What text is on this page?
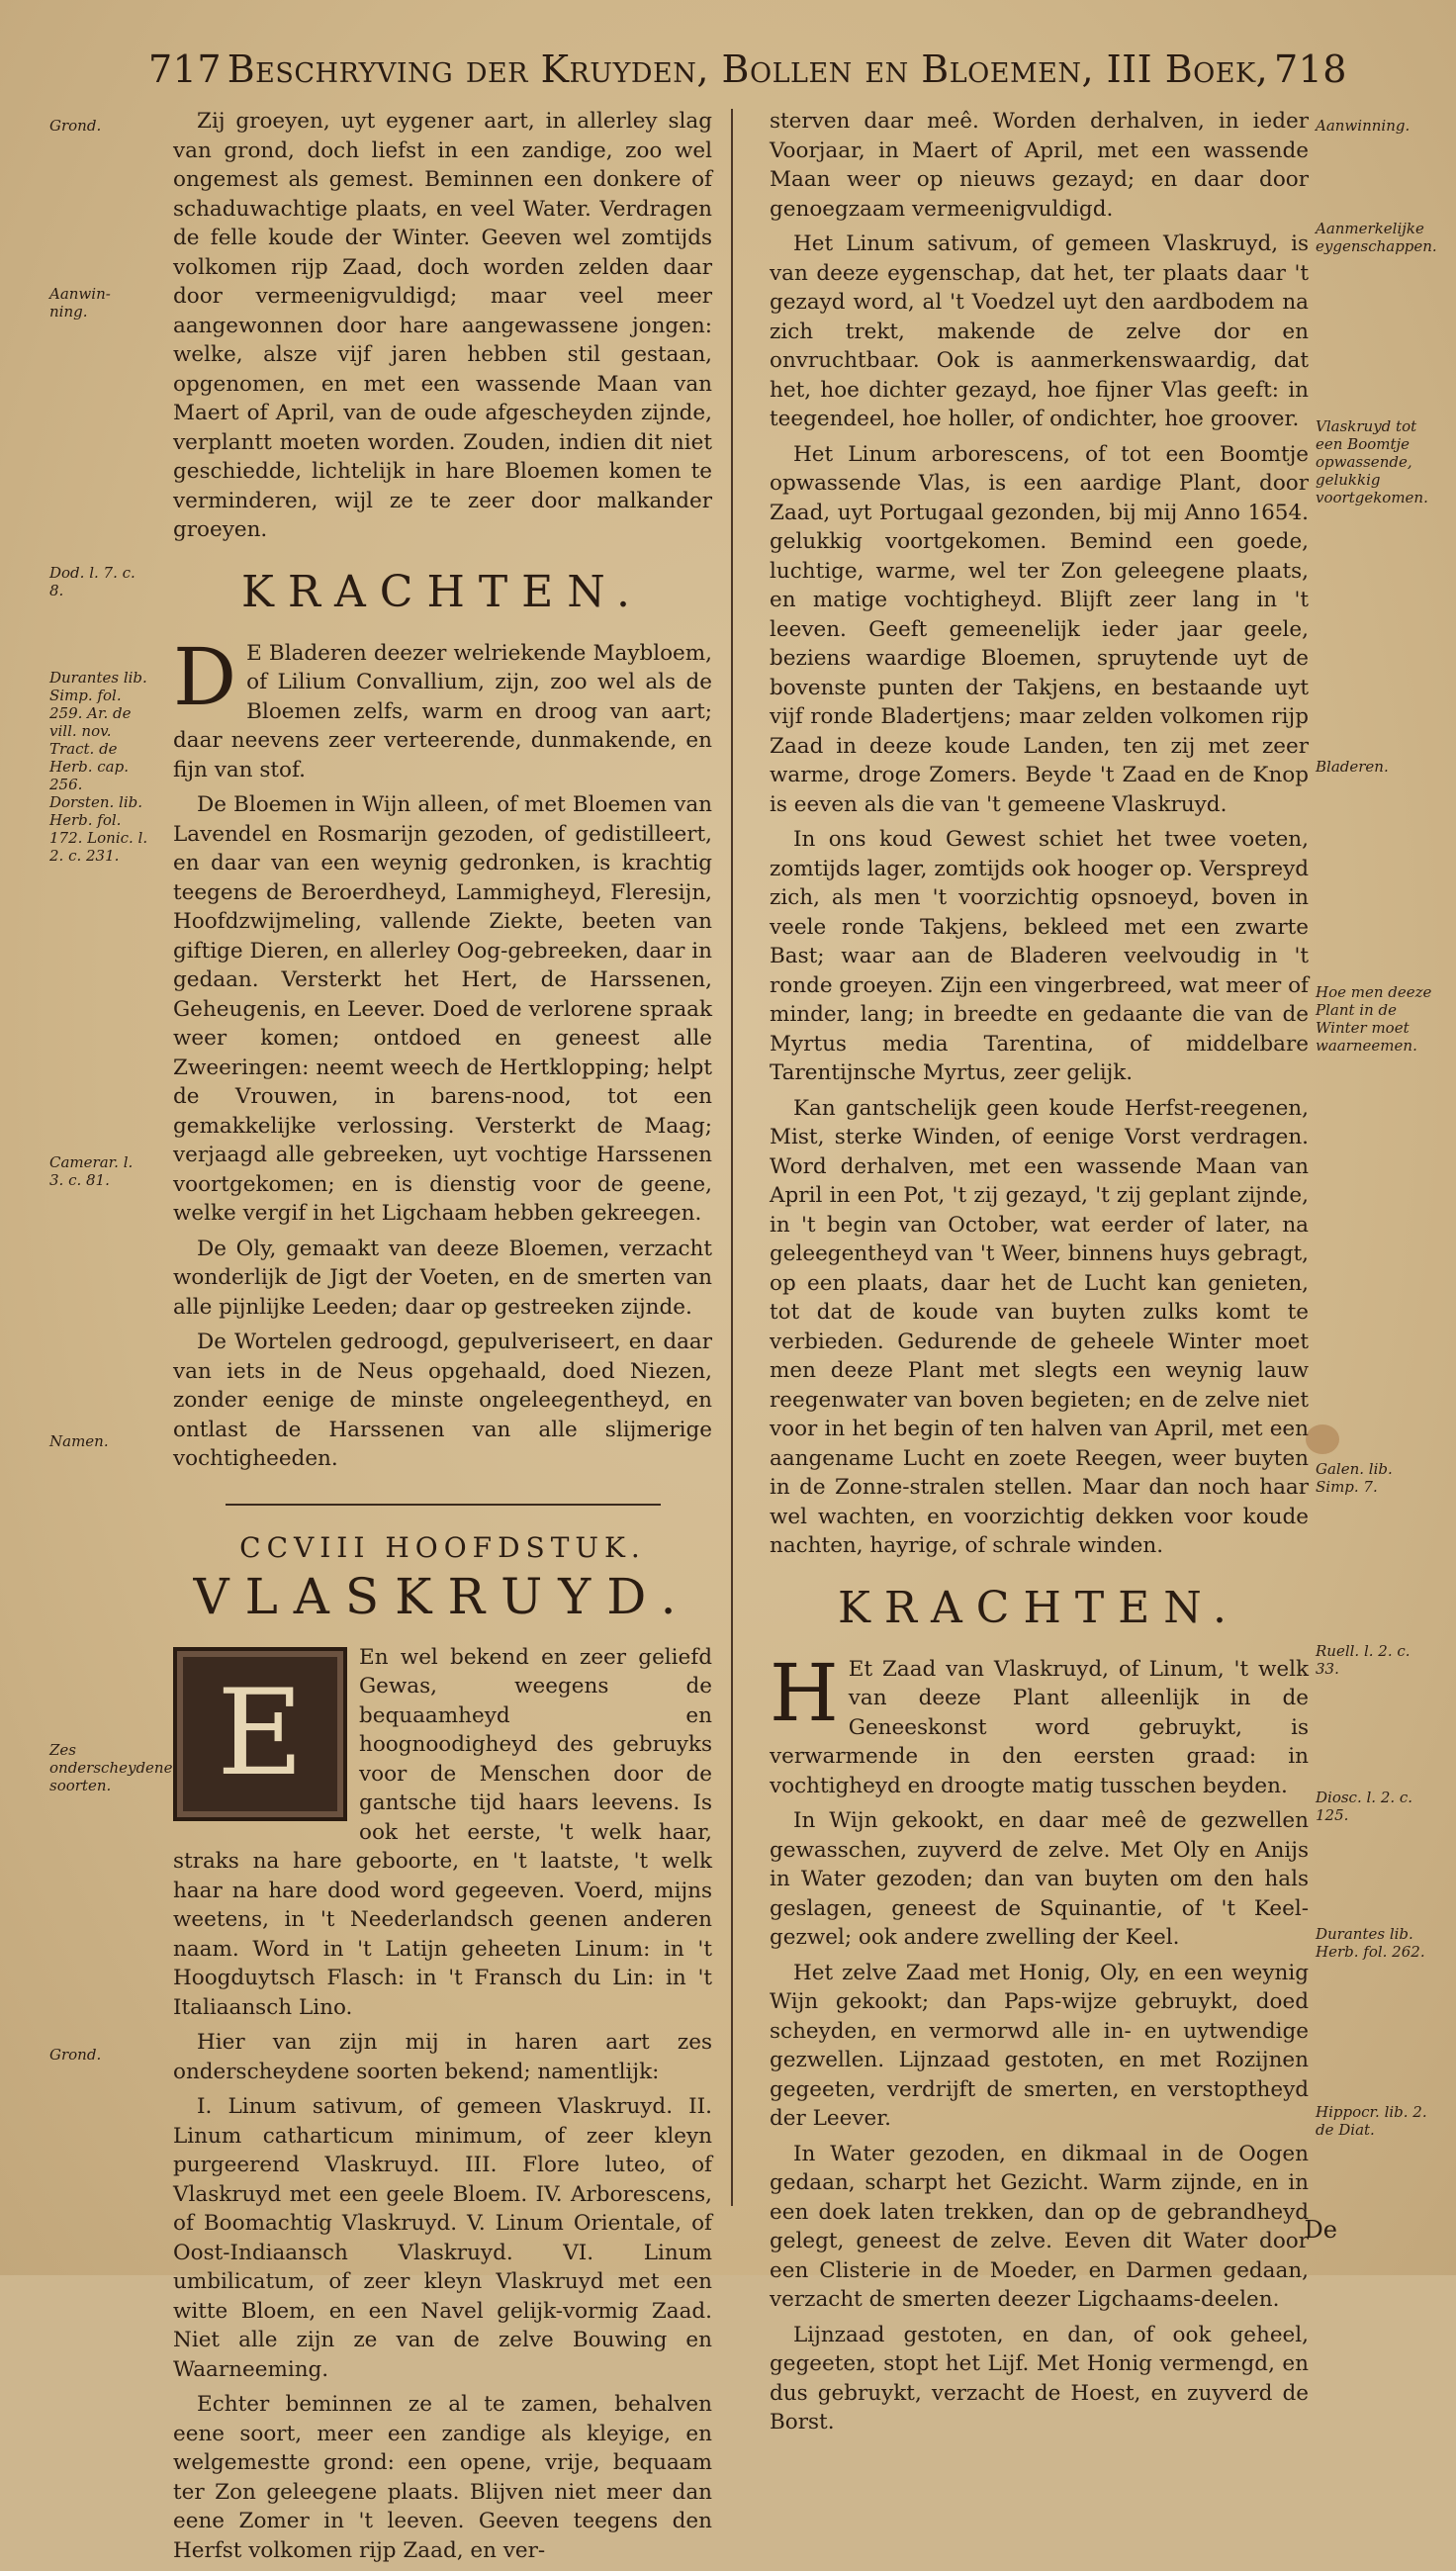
717 Beschryving der Kruyden, Bollen en Bloemen, III Boek, 718

Zij groeyen, uyt eygener aart, in allerley slag van grond, doch liefst in een zandige, zoo wel ongemest als gemest. Beminnen een donkere of schaduwachtige plaats, en veel Water. Verdragen de felle koude der Winter. Geeven wel zomtijds volkomen rijp Zaad, doch worden zelden daar door vermeenigvuldigd; maar veel meer aangewonnen door hare aangewassene jongen: welke, alsze vijf jaren hebben stil gestaan, opgenomen, en met een wassende Maan van Maert of April, van de oude afgescheyden zijnde, verplantt moeten worden. Zouden, indien dit niet geschiedde, lichtelijk in hare Bloemen komen te verminderen, wijl ze te zeer door malkander groeyen.

KRACHTEN.

D E Bladeren deezer welriekende Maybloem, of Lilium Convallium, zijn, zoo wel als de Bloemen zelfs, warm en droog van aart; daar neevens zeer verteerende, dunmakende, en fijn van stof.

De Bloemen in Wijn alleen, of met Bloemen van Lavendel en Rosmarijn gezoden, of gedistilleert, en daar van een weynig gedronken, is krachtig teegens de Beroerdheyd, Lammigheyd, Fleresijn, Hoofdzwijmeling, vallende Ziekte, beeten van giftige Dieren, en allerley Oog-gebreeken, daar in gedaan. Versterkt het Hert, de Harssenen, Geheugenis, en Leever. Doed de verlorene spraak weer komen; ontdoed en geneest alle Zweeringen: neemt weech de Hertklopping; helpt de Vrouwen, in barens-nood, tot een gemakkelijke verlossing. Versterkt de Maag; verjaagd alle gebreeken, uyt vochtige Harssenen voortgekomen; en is dienstig voor de geene, welke vergif in het Ligchaam hebben gekreegen.

De Oly, gemaakt van deeze Bloemen, verzacht wonderlijk de Jigt der Voeten, en de smerten van alle pijnlijke Leeden; daar op gestreeken zijnde.

De Wortelen gedroogd, gepulveriseert, en daar van iets in de Neus opgehaald, doed Niezen, zonder eenige de minste ongeleegentheyd, en ontlast de Harssenen van alle slijmerige vochtigheeden.

CCVIII HOOFDSTUK.
VLASKRUYD.

E
En wel bekend en zeer geliefd Gewas, weegens de bequaamheyd en hoognoodigheyd des gebruyks voor de Menschen door de gantsche tijd haars leevens. Is ook het eerste, 't welk haar, straks na hare geboorte, en 't laatste, 't welk haar na hare dood word gegeeven. Voerd, mijns weetens, in 't Neederlandsch geenen anderen naam. Word in 't Latijn geheeten Linum: in 't Hoogduytsch Flasch: in 't Fransch du Lin: in 't Italiaansch Lino.

Hier van zijn mij in haren aart zes onderscheydene soorten bekend; namentlijk:

I. Linum sativum, of gemeen Vlaskruyd. II. Linum catharticum minimum, of zeer kleyn purgeerend Vlaskruyd. III. Flore luteo, of Vlaskruyd met een geele Bloem. IV. Arborescens, of Boomachtig Vlaskruyd. V. Linum Orientale, of Oost-Indiaansch Vlaskruyd. VI. Linum umbilicatum, of zeer kleyn Vlaskruyd met een witte Bloem, en een Navel gelijk-vormig Zaad. Niet alle zijn ze van de zelve Bouwing en Waarneeming.

Echter beminnen ze al te zamen, behalven eene soort, meer een zandige als kleyige, en welgemestte grond: een opene, vrije, bequaam ter Zon geleegene plaats. Blijven niet meer dan eene Zomer in 't leeven. Geeven teegens den Herfst volkomen rijp Zaad, en ver-

sterven daar meê. Worden derhalven, in ieder Voorjaar, in Maert of April, met een wassende Maan weer op nieuws gezayd; en daar door genoegzaam vermeenigvuldigd.

Het Linum sativum, of gemeen Vlaskruyd, is van deeze eygenschap, dat het, ter plaats daar 't gezayd word, al 't Voedzel uyt den aardbodem na zich trekt, makende de zelve dor en onvruchtbaar. Ook is aanmerkenswaardig, dat het, hoe dichter gezayd, hoe fijner Vlas geeft: in teegendeel, hoe holler, of ondichter, hoe groover.

Het Linum arborescens, of tot een Boomtje opwassende Vlas, is een aardige Plant, door Zaad, uyt Portugaal gezonden, bij mij Anno 1654. gelukkig voortgekomen. Bemind een goede, luchtige, warme, wel ter Zon geleegene plaats, en matige vochtigheyd. Blijft zeer lang in 't leeven. Geeft gemeenelijk ieder jaar geele, beziens waardige Bloemen, spruytende uyt de bovenste punten der Takjens, en bestaande uyt vijf ronde Bladertjens; maar zelden volkomen rijp Zaad in deeze koude Landen, ten zij met zeer warme, droge Zomers. Beyde 't Zaad en de Knop is eeven als die van 't gemeene Vlaskruyd.

In ons koud Gewest schiet het twee voeten, zomtijds lager, zomtijds ook hooger op. Verspreyd zich, als men 't voorzichtig opsnoeyd, boven in veele ronde Takjens, bekleed met een zwarte Bast; waar aan de Bladeren veelvoudig in 't ronde groeyen. Zijn een vingerbreed, wat meer of minder, lang; in breedte en gedaante die van de Myrtus media Tarentina, of middelbare Tarentijnsche Myrtus, zeer gelijk.

Kan gantschelijk geen koude Herfst-reegenen, Mist, sterke Winden, of eenige Vorst verdragen. Word derhalven, met een wassende Maan van April in een Pot, 't zij gezayd, 't zij geplant zijnde, in 't begin van October, wat eerder of later, na geleegentheyd van 't Weer, binnens huys gebragt, op een plaats, daar het de Lucht kan genieten, tot dat de koude van buyten zulks komt te verbieden. Gedurende de geheele Winter moet men deeze Plant met slegts een weynig lauw reegenwater van boven begieten; en de zelve niet voor in het begin of ten halven van April, met een aangename Lucht en zoete Reegen, weer buyten in de Zonne-stralen stellen. Maar dan noch haar wel wachten, en voorzichtig dekken voor koude nachten, hayrige, of schrale winden.

KRACHTEN.

H Et Zaad van Vlaskruyd, of Linum, 't welk van deeze Plant alleenlijk in de Geneeskonst word gebruykt, is verwarmende in den eersten graad: in vochtigheyd en droogte matig tusschen beyden.

In Wijn gekookt, en daar meê de gezwellen gewasschen, zuyverd de zelve. Met Oly en Anijs in Water gezoden; dan van buyten om den hals geslagen, geneest de Squinantie, of 't Keel-gezwel; ook andere zwelling der Keel.

Het zelve Zaad met Honig, Oly, en een weynig Wijn gekookt; dan Paps-wijze gebruykt, doed scheyden, en vermorwd alle in- en uytwendige gezwellen. Lijnzaad gestoten, en met Rozijnen gegeeten, verdrijft de smerten, en verstoptheyd der Leever.

In Water gezoden, en dikmaal in de Oogen gedaan, scharpt het Gezicht. Warm zijnde, en in een doek laten trekken, dan op de gebrandheyd gelegt, geneest de zelve. Eeven dit Water door een Clisterie in de Moeder, en Darmen gedaan, verzacht de smerten deezer Ligchaams-deelen.

Lijnzaad gestoten, en dan, of ook geheel, gegeeten, stopt het Lijf. Met Honig vermengd, en dus gebruykt, verzacht de Hoest, en zuyverd de Borst.

Grond.
Aanwin-ning.
Dod. l. 7. c. 8.
Durantes lib. Simp. fol. 259. Ar. de vill. nov. Tract. de Herb. cap. 256. Dorsten. lib. Herb. fol. 172. Lonic. l. 2. c. 231.
Camerar. l. 3. c. 81.
Namen.
Zes onderscheydene soorten.
Grond.
Aanwinning.
Aanmerkelijke eygenschappen.
Vlaskruyd tot een Boomtje opwassende, gelukkig voortgekomen.
Bladeren.
Hoe men deeze Plant in de Winter moet waarneemen.
Galen. lib. Simp. 7.
Ruell. l. 2. c. 33.
Diosc. l. 2. c. 125.
Durantes lib. Herb. fol. 262.
Hippocr. lib. 2. de Diat.
De
